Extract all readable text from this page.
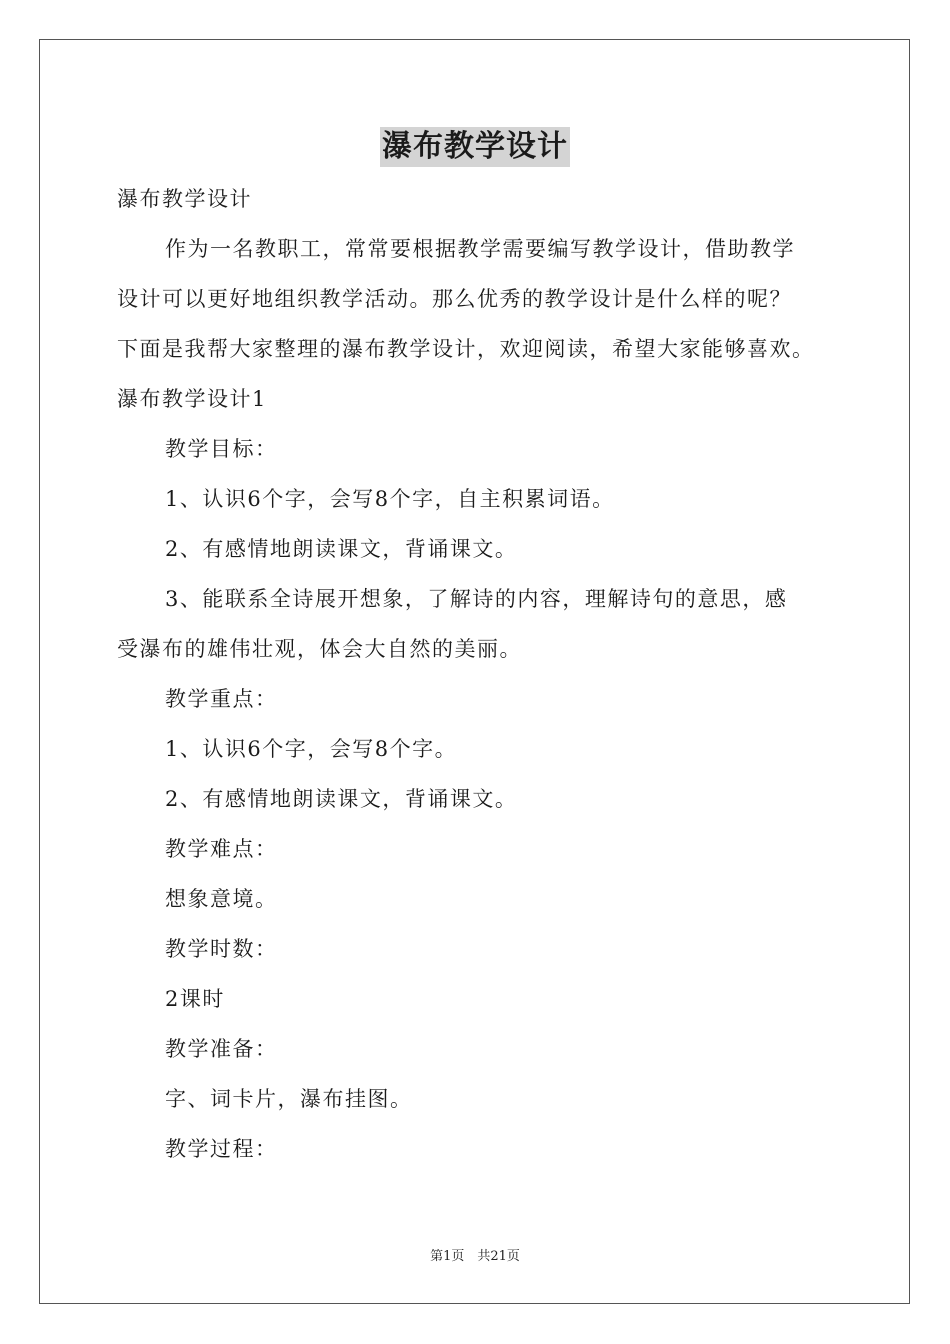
瀑布教学设计
瀑布教学设计
作为一名教职工，常常要根据教学需要编写教学设计，借助教学
设计可以更好地组织教学活动。那么优秀的教学设计是什么样的呢？
下面是我帮大家整理的瀑布教学设计，欢迎阅读，希望大家能够喜欢。
瀑布教学设计1
教学目标：
1、认识6个字，会写8个字，自主积累词语。
2、有感情地朗读课文，背诵课文。
3、能联系全诗展开想象，了解诗的内容，理解诗句的意思，感
受瀑布的雄伟壮观，体会大自然的美丽。
教学重点：
1、认识6个字，会写8个字。
2、有感情地朗读课文，背诵课文。
教学难点：
想象意境。
教学时数：
2课时
教学准备：
字、词卡片，瀑布挂图。
教学过程：
第1页　共21页
